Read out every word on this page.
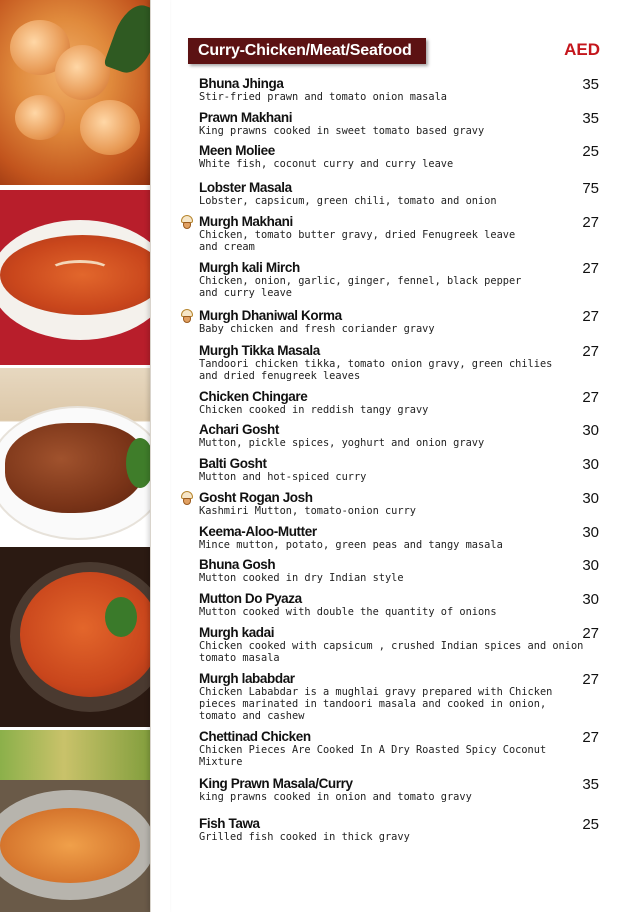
Curry-Chicken/Meat/Seafood	AED
Bhuna Jhinga
Stir-fried prawn and tomato onion masala
35
Prawn Makhani
King prawns cooked in sweet tomato based gravy
35
Meen Moliee
White fish, coconut curry and curry leave
25
Lobster Masala
Lobster, capsicum, green chili, tomato and onion
75
Murgh Makhani
Chicken, tomato butter gravy, dried Fenugreek leave
and cream
27
Murgh kali Mirch
Chicken, onion, garlic, ginger, fennel, black pepper
and curry leave
27
Murgh Dhaniwal Korma
Baby chicken and fresh coriander gravy
27
Murgh Tikka Masala
Tandoori chicken tikka, tomato onion gravy, green chilies
and dried fenugreek leaves
27
Chicken Chingare
Chicken cooked in reddish tangy gravy
27
Achari Gosht
Mutton, pickle spices, yoghurt and onion gravy
30
Balti Gosht
Mutton and hot-spiced curry
30
Gosht Rogan Josh
Kashmiri Mutton, tomato-onion curry
30
Keema-Aloo-Mutter
Mince mutton, potato, green peas and tangy masala
30
Bhuna Gosh
Mutton cooked in dry Indian style
30
Mutton Do Pyaza
Mutton cooked with double the quantity of onions
30
Murgh kadai
Chicken cooked with capsicum , crushed Indian spices and onion
tomato masala
27
Murgh lababdar
Chicken Lababdar is a mughlai gravy prepared with Chicken
pieces marinated in tandoori masala and cooked in onion,
tomato and cashew
27
Chettinad Chicken
Chicken Pieces Are Cooked In A Dry Roasted Spicy Coconut
Mixture
27
King Prawn Masala/Curry
king prawns cooked in onion and tomato gravy
35
Fish Tawa
Grilled fish cooked in thick gravy
25
